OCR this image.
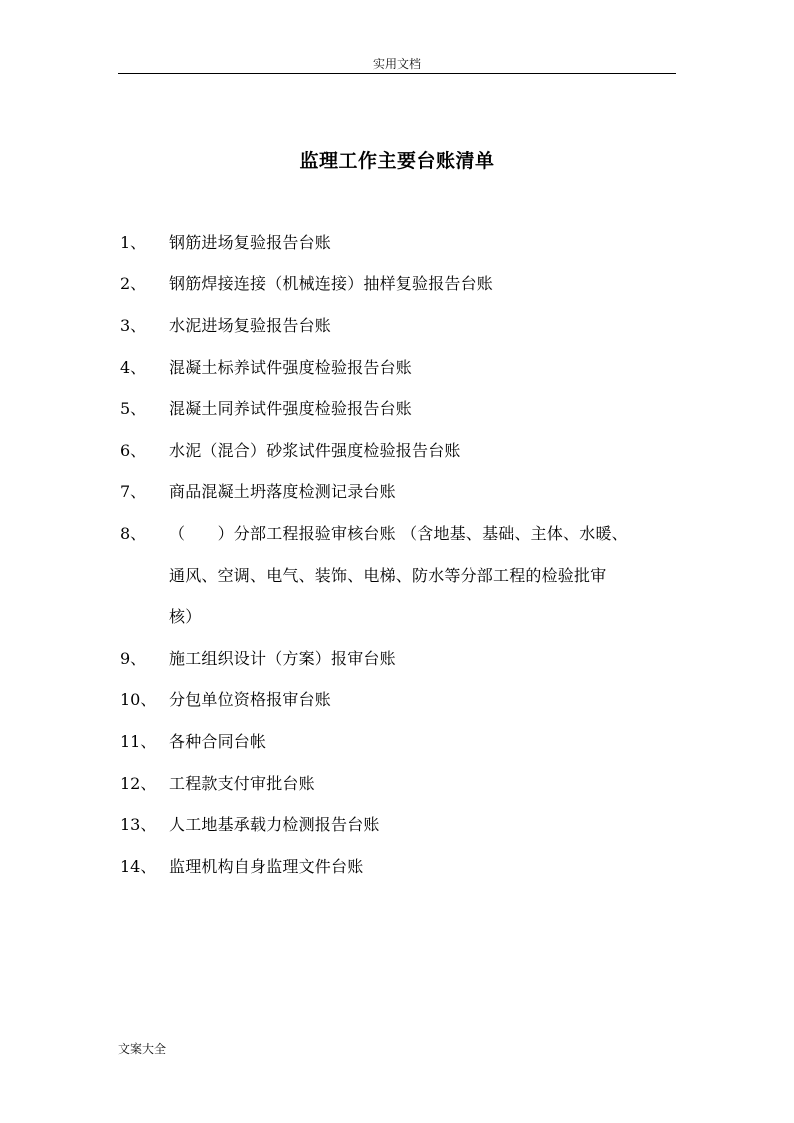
实用文档
监理工作主要台账清单
1、 钢筋进场复验报告台账
2、 钢筋焊接连接（机械连接）抽样复验报告台账
3、 水泥进场复验报告台账
4、 混凝土标养试件强度检验报告台账
5、 混凝土同养试件强度检验报告台账
6、 水泥（混合）砂浆试件强度检验报告台账
7、 商品混凝土坍落度检测记录台账
8、 （　　）分部工程报验审核台账 （含地基、基础、主体、水暖、
通风、空调、电气、装饰、电梯、防水等分部工程的检验批审
核）
9、 施工组织设计（方案）报审台账
10、 分包单位资格报审台账
11、 各种合同台帐
12、 工程款支付审批台账
13、 人工地基承载力检测报告台账
14、 监理机构自身监理文件台账
文案大全
